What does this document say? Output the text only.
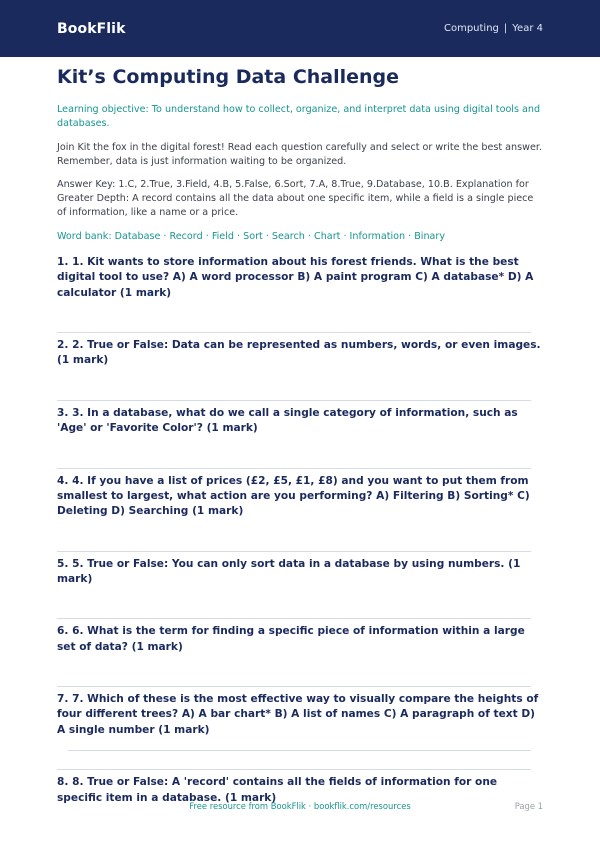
BookFlik	Computing | Year 4
Kit’s Computing Data Challenge
Learning objective: To understand how to collect, organize, and interpret data using digital tools and databases.
Join Kit the fox in the digital forest! Read each question carefully and select or write the best answer. Remember, data is just information waiting to be organized.
Answer Key: 1.C, 2.True, 3.Field, 4.B, 5.False, 6.Sort, 7.A, 8.True, 9.Database, 10.B. Explanation for Greater Depth: A record contains all the data about one specific item, while a field is a single piece of information, like a name or a price.
Word bank: Database · Record · Field · Sort · Search · Chart · Information · Binary
1. 1. Kit wants to store information about his forest friends. What is the best digital tool to use? A) A word processor B) A paint program C) A database* D) A calculator (1 mark)
2. 2. True or False: Data can be represented as numbers, words, or even images. (1 mark)
3. 3. In a database, what do we call a single category of information, such as 'Age' or 'Favorite Color'? (1 mark)
4. 4. If you have a list of prices (£2, £5, £1, £8) and you want to put them from smallest to largest, what action are you performing? A) Filtering B) Sorting* C) Deleting D) Searching (1 mark)
5. 5. True or False: You can only sort data in a database by using numbers. (1 mark)
6. 6. What is the term for finding a specific piece of information within a large set of data? (1 mark)
7. 7. Which of these is the most effective way to visually compare the heights of four different trees? A) A bar chart* B) A list of names C) A paragraph of text D) A single number (1 mark)
8. 8. True or False: A 'record' contains all the fields of information for one specific item in a database. (1 mark)
Free resource from BookFlik · bookflik.com/resources	Page 1
